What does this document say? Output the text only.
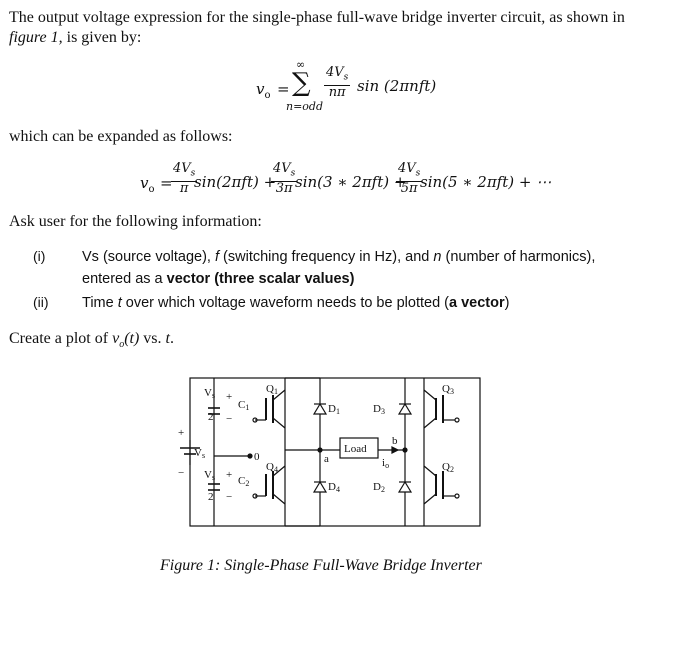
The output voltage expression for the single-phase full-wave bridge inverter circuit, as shown in
figure 1, is given by:
$v_o$ =
∞
∑
n=odd
$\frac{4V_s}{n\pi}$ sin (2πnft)
which can be expanded as follows:
$v_o$ =
$\frac{4V_s}{\pi}$
sin(2πft) +
$\frac{4V_s}{3\pi}$
sin(3 ∗ 2πft) +
$\frac{4V_s}{5\pi}$
sin(5 ∗ 2πft) + ⋯
Ask user for the following information:
(i)	Vs (source voltage), f (switching frequency in Hz), and n (number of harmonics),
entered as a vector (three scalar values)
(ii) Time t over which voltage waveform needs to be plotted (a vector)
Create a plot of $v_o(t)$ vs. t.
Vs
2
+
−
+
Vs
−
0
Vs
2
+
−
C1
C2
Q1
Q4
D1
D4
a
Load
b
io
D3
D2
Q3
Q2
Figure 1: Single-Phase Full-Wave Bridge Inverter
